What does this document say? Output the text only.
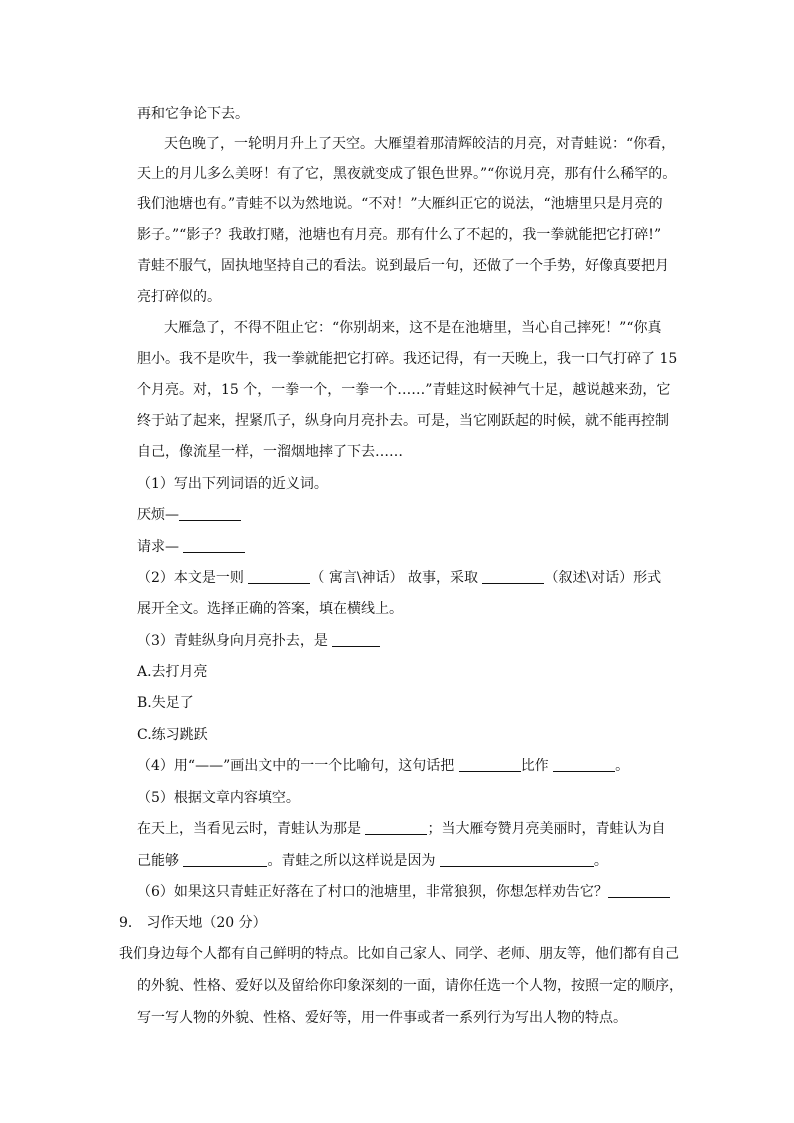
再和它争论下去。
天色晚了，一轮明月升上了天空。大雁望着那清辉皎洁的月亮，对青蛙说：“你看，
天上的月儿多么美呀！有了它，黑夜就变成了银色世界。”“你说月亮，那有什么稀罕的。
我们池塘也有。”青蛙不以为然地说。“不对！”大雁纠正它的说法，“池塘里只是月亮的
影子。”“影子？我敢打赌，池塘也有月亮。那有什么了不起的，我一拳就能把它打碎!”
青蛙不服气，固执地坚持自己的看法。说到最后一句，还做了一个手势，好像真要把月
亮打碎似的。
大雁急了，不得不阻止它：“你别胡来，这不是在池塘里，当心自己摔死！”“你真
胆小。我不是吹牛，我一拳就能把它打碎。我还记得，有一天晚上，我一口气打碎了 15
个月亮。对，15 个，一拳一个，一拳一个……”青蛙这时候神气十足，越说越来劲，它
终于站了起来，捏紧爪子，纵身向月亮扑去。可是，当它刚跃起的时候，就不能再控制
自己，像流星一样，一溜烟地摔了下去……
（1）写出下列词语的近义词。
厌烦—
请求—
（2）本文是一则	（ 寓言\神话） 故事，采取	（叙述\对话）形式
展开全文。选择正确的答案，填在横线上。
（3）青蛙纵身向月亮扑去，是
A.去打月亮
B.失足了
C.练习跳跃
（4）用“——”画出文中的一一个比喻句，这句话把	比作	。
（5）根据文章内容填空。
在天上，当看见云时，青蛙认为那是	；当大雁夸赞月亮美丽时，青蛙认为自
己能够	。青蛙之所以这样说是因为	。
（6）如果这只青蛙正好落在了村口的池塘里，非常狼狈，你想怎样劝告它？
9． 习作天地（20 分）
我们身边每个人都有自己鲜明的特点。比如自己家人、同学、老师、朋友等，他们都有自己
的外貌、性格、爱好以及留给你印象深刻的一面，请你任选一个人物，按照一定的顺序，
写一写人物的外貌、性格、爱好等，用一件事或者一系列行为写出人物的特点。
